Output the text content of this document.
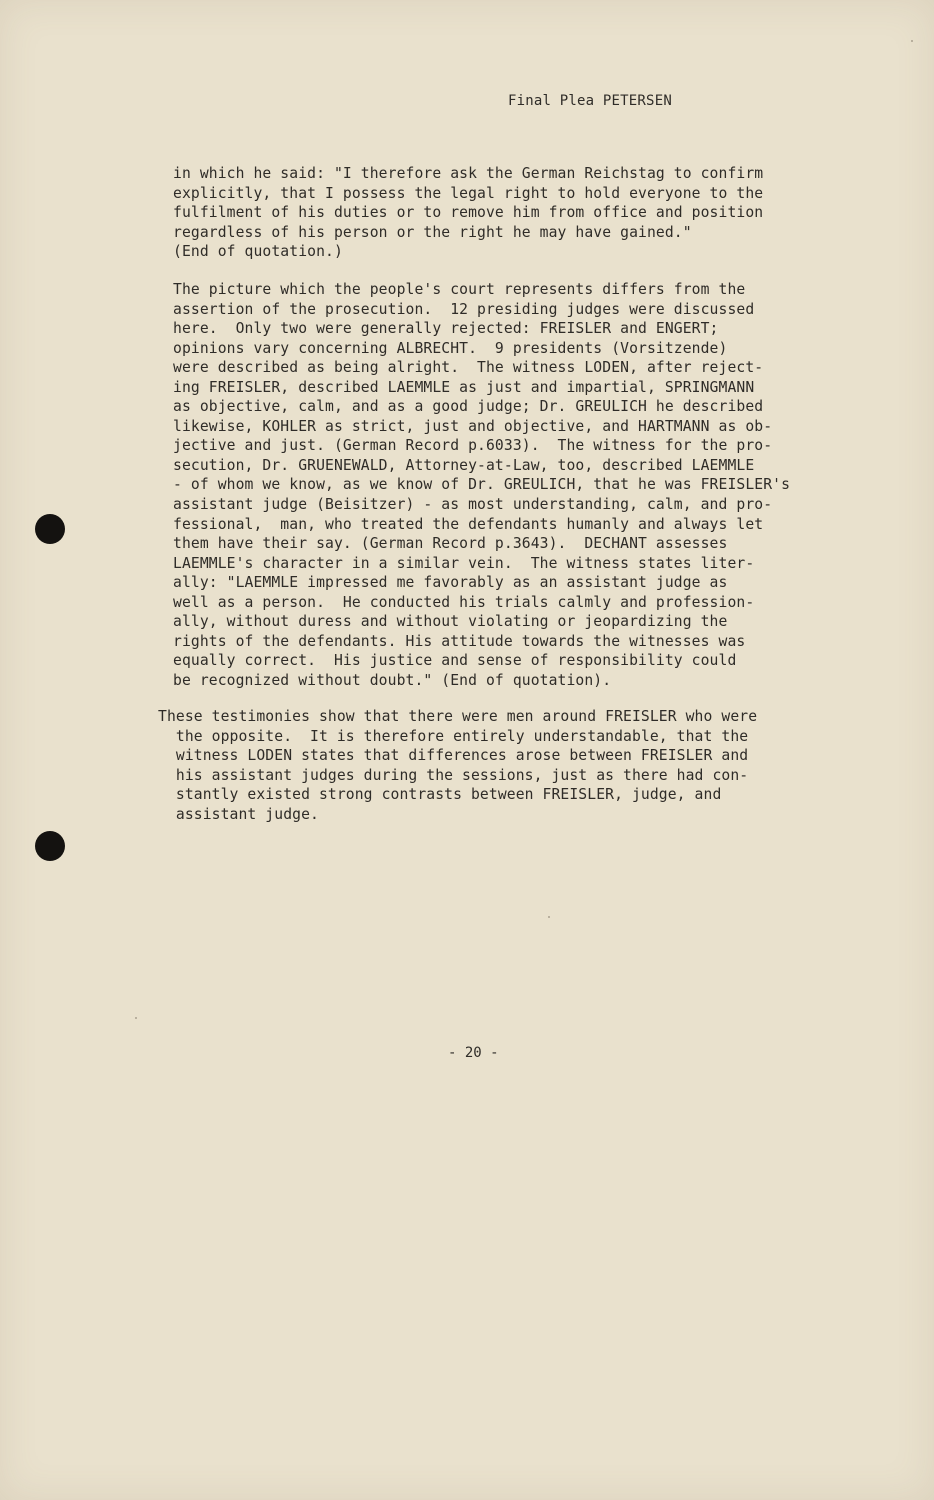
Final Plea PETERSEN
in which he said: "I therefore ask the German Reichstag to confirm
explicitly, that I possess the legal right to hold everyone to the
fulfilment of his duties or to remove him from office and position
regardless of his person or the right he may have gained."
(End of quotation.)
The picture which the people's court represents differs from the
assertion of the prosecution.  12 presiding judges were discussed
here.  Only two were generally rejected: FREISLER and ENGERT;
opinions vary concerning ALBRECHT.  9 presidents (Vorsitzende)
were described as being alright.  The witness LODEN, after reject-
ing FREISLER, described LAEMMLE as just and impartial, SPRINGMANN
as objective, calm, and as a good judge; Dr. GREULICH he described
likewise, KOHLER as strict, just and objective, and HARTMANN as ob-
jective and just. (German Record p.6033).  The witness for the pro-
secution, Dr. GRUENEWALD, Attorney-at-Law, too, described LAEMMLE
- of whom we know, as we know of Dr. GREULICH, that he was FREISLER's
assistant judge (Beisitzer) - as most understanding, calm, and pro-
fessional,  man, who treated the defendants humanly and always let
them have their say. (German Record p.3643).  DECHANT assesses
LAEMMLE's character in a similar vein.  The witness states liter-
ally: "LAEMMLE impressed me favorably as an assistant judge as
well as a person.  He conducted his trials calmly and profession-
ally, without duress and without violating or jeopardizing the
rights of the defendants. His attitude towards the witnesses was
equally correct.  His justice and sense of responsibility could
be recognized without doubt." (End of quotation).
These testimonies show that there were men around FREISLER who were
the opposite.  It is therefore entirely understandable, that the
witness LODEN states that differences arose between FREISLER and
his assistant judges during the sessions, just as there had con-
stantly existed strong contrasts between FREISLER, judge, and
assistant judge.
- 20 -
